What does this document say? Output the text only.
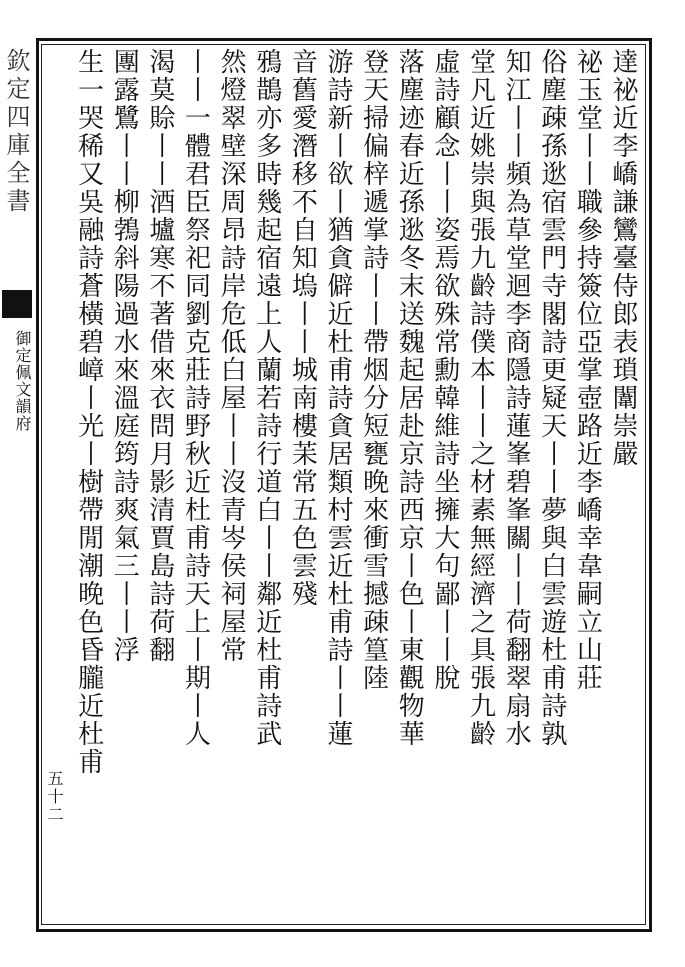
欽定四庫全書
御定佩文韻府
五十二
達祕近李嶠謙鸞臺侍郎表瑣闈崇嚴
祕玉堂丨丨職參持簽位亞掌壺路近李嶠幸韋嗣立山莊
俗塵疎孫逖宿雲門寺閣詩更疑天丨丨夢與白雲遊杜甫詩孰
知江丨丨頻為草堂迴李商隱詩蓮峯碧峯關丨丨荷翻翠扇水
堂凡近姚崇與張九齡詩僕本丨丨之材素無經濟之具張九齡
虛詩顧念丨丨姿焉欲殊常勳韓維詩坐擁大句鄙丨丨脫
落塵迹春近孫逖冬末送魏起居赴京詩西京丨色丨東觀物華
登天掃偏梓遞掌詩丨丨帶烟分短甕晚來衝雪撼疎篁陸
游詩新丨欲丨猶貪僻近杜甫詩貪居類村雲近杜甫詩丨丨蓮
音舊愛潛移不自知塢丨丨城南樓苿常五色雲殘
鴉鵲亦多時幾起宿遠上人蘭若詩行道白丨丨鄰近杜甫詩武
然燈翠壁深周昂詩岸危低白屋丨丨沒青岑侯祠屋常
丨丨一體君臣祭祀同劉克莊詩野秋近杜甫詩天上丨期丨人
渴莫賒丨丨酒壚寒不著借來衣問月影清賈島詩荷翻
團露鷺丨丨柳鵓斜陽過水來溫庭筠詩爽氣三丨丨浮
生一哭稀又吳融詩蒼橫碧嶂丨光丨樹帶閒潮晚色昏朧近杜甫
